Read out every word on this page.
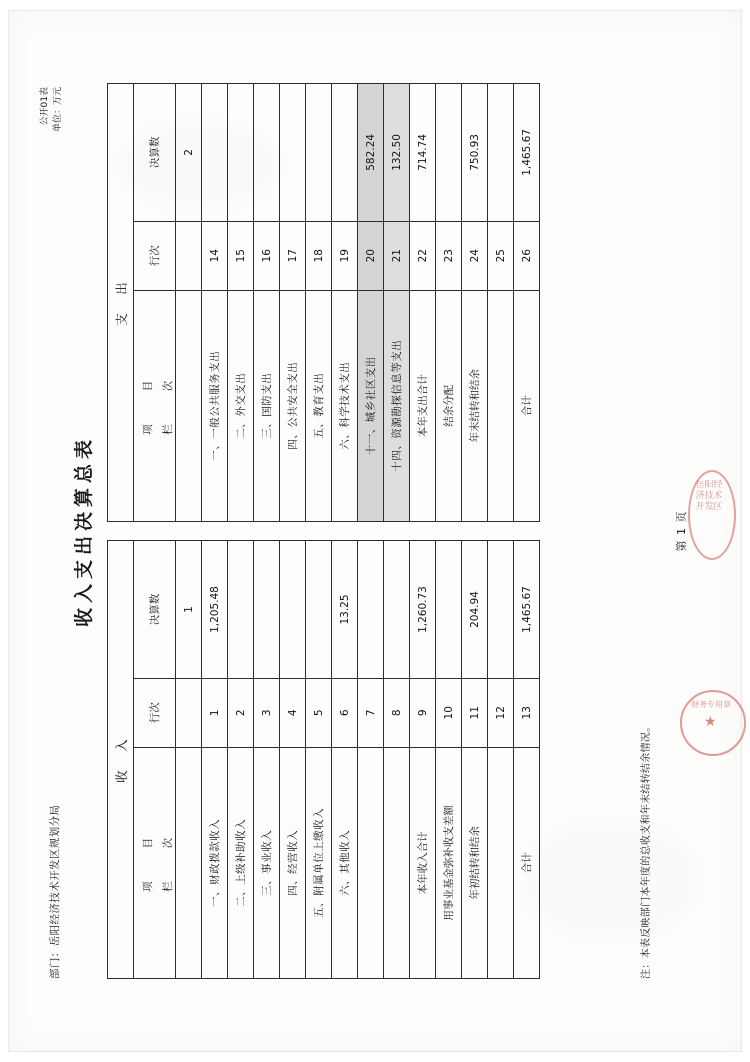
部门：岳阳经济技术开发区规划分局
公开01表 单位：万元
收入支出决算总表
收　入				支　出		

项　　目 栏　　次	行次	决算数		项　　目 栏　　次	行次	决算数
		1				2
一、财政拨款收入	1	1,205.48		一、一般公共服务支出	14	
二、上级补助收入	2			二、外交支出	15	
三、事业收入	3			三、国防支出	16	
四、经营收入	4			四、公共安全支出	17	
五、附属单位上缴收入	5			五、教育支出	18	
六、其他收入	6	13.25		六、科学技术支出	19	
	7			十一、城乡社区支出	20	582.24
	8			十四、资源勘探信息等支出	21	132.50
本年收入合计	9	1,260.73		本年支出合计	22	714.74
用事业基金弥补收支差额	10			结余分配	23	
年初结转和结余	11	204.94		年末结转和结余	24	750.93
	12				25	
合计	13	1,465.67		合计	26	1,465.67
注：本表反映部门本年度的总收支和年末结转结余情况。
第 1 页
岳阳经济技术开发区
财务专用章
★
